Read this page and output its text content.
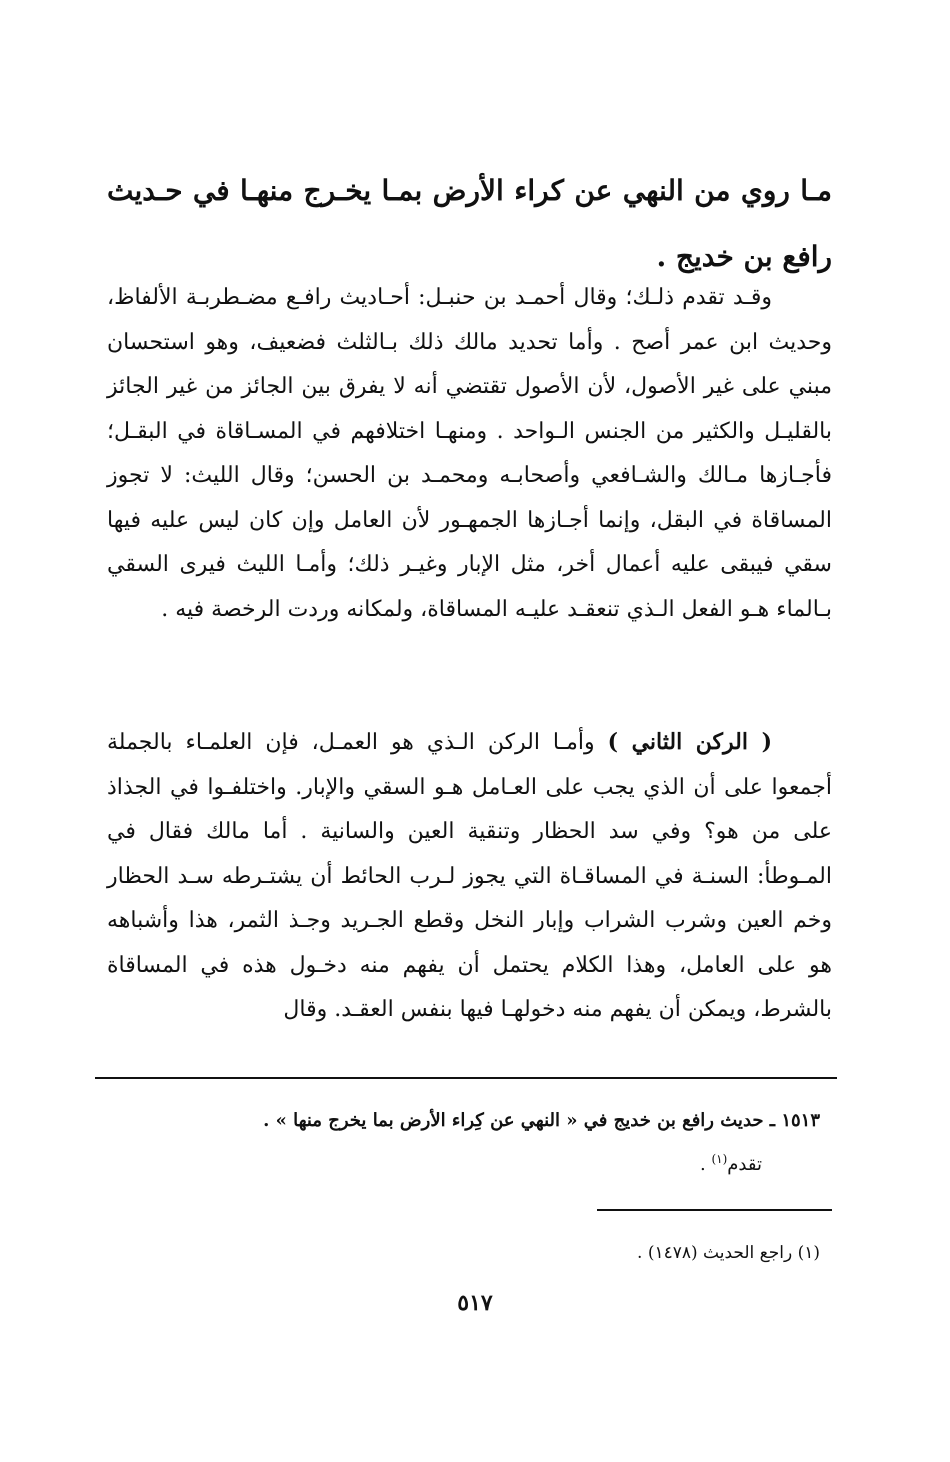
مـا روي من النهي عن كراء الأرض بمـا يخـرج منهـا في حـديث رافع بن خديج .

وقـد تقدم ذلـك؛ وقال أحمـد بن حنبـل: أحـاديث رافـع مضـطربـة الألفاظ، وحديث ابن عمر أصح . وأما تحديد مالك ذلك بـالثلث فضعيف، وهو استحسان مبني على غير الأصول، لأن الأصول تقتضي أنه لا يفرق بين الجائز من غير الجائز بالقليـل والكثير من الجنس الـواحد . ومنهـا اختلافهم في المسـاقاة في البقـل؛ فأجـازها مـالك والشـافعي وأصحابـه ومحمـد بن الحسن؛ وقال الليث: لا تجوز المساقاة في البقل، وإنما أجـازها الجمهـور لأن العامل وإن كان ليس عليه فيها سقي فيبقى عليه أعمال أخر، مثل الإبار وغيـر ذلك؛ وأمـا الليث فيرى السقي بـالماء هـو الفعل الـذي تنعقـد عليـه المساقاة، ولمكانه وردت الرخصة فيه .

( الركن الثاني ) وأمـا الركن الـذي هو العمـل، فإن العلمـاء بالجملة أجمعوا على أن الذي يجب على العـامل هـو السقي والإبار. واختلفـوا في الجذاذ على من هو؟ وفي سد الحظار وتنقية العين والسانية . أما مالك فقال في المـوطأ: السنـة في المساقـاة التي يجوز لـرب الحائط أن يشتـرطه سـد الحظار وخم العين وشرب الشراب وإبار النخل وقطع الجـريد وجـذ الثمر، هذا وأشباهه هو على العامل، وهذا الكلام يحتمل أن يفهم منه دخـول هذه في المساقاة بالشرط، ويمكن أن يفهم منه دخولهـا فيها بنفس العقـد. وقال

١٥١٣ ـ حديث رافع بن خديج في « النهي عن كِراء الأرض بما يخرج منها » .
تقدم$^{(١)}$ .

(١) راجع الحديث (١٤٧٨) .

٥١٧
